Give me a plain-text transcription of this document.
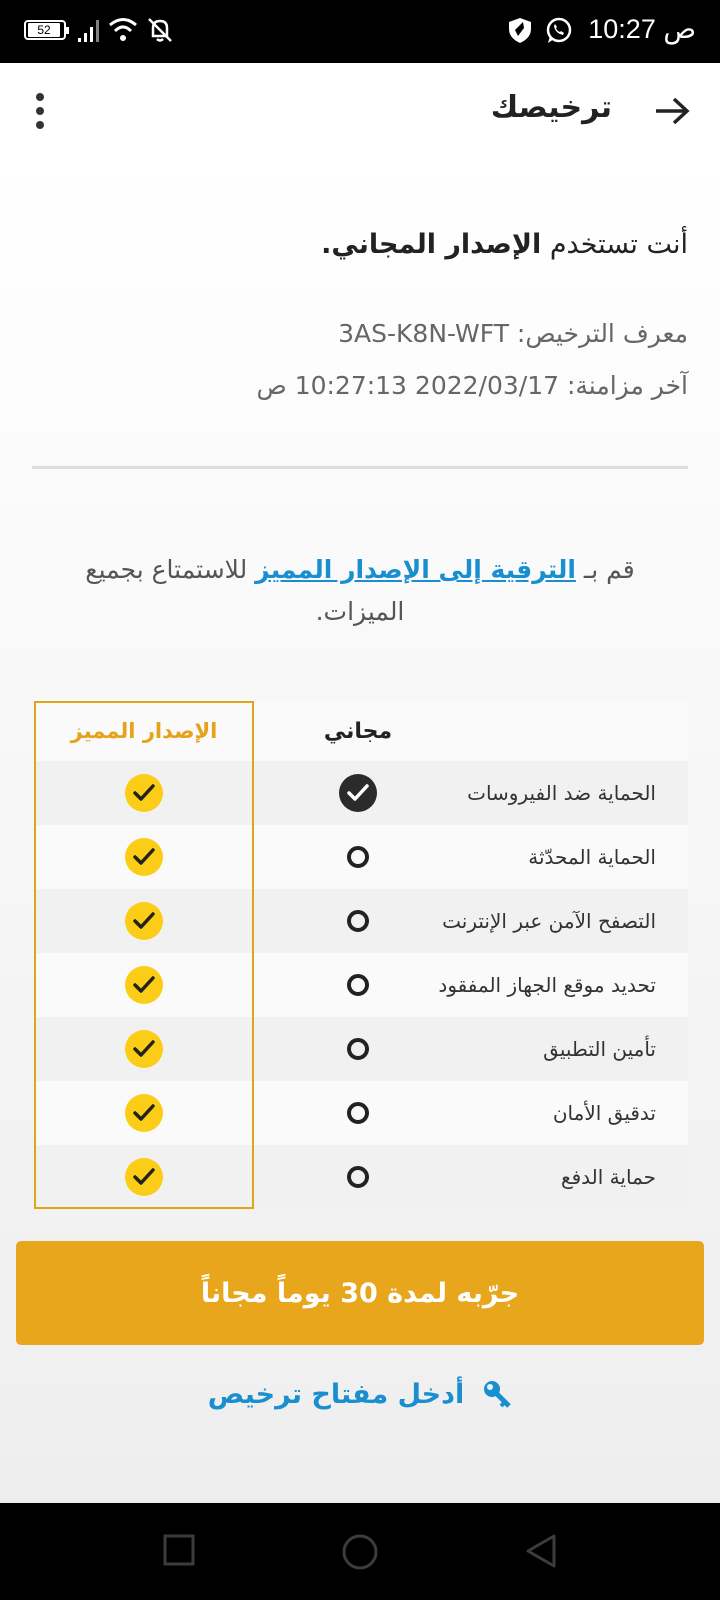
52	10:27 ص
ترخيصك
أنت تستخدم الإصدار المجاني.
معرف الترخيص: 3AS-K8N-WFT
آخر مزامنة: 2022/03/17 10:27:13 ص
قم بـ الترقية إلى الإصدار المميز للاستمتاع بجميع الميزات.
مجاني
الإصدار المميز
الحماية ضد الفيروسات
الحماية المحدّثة
التصفح الآمن عبر الإنترنت
تحديد موقع الجهاز المفقود
تأمين التطبيق
تدقيق الأمان
حماية الدفع
جرّبه لمدة 30 يوماً مجاناً
أدخل مفتاح ترخيص
